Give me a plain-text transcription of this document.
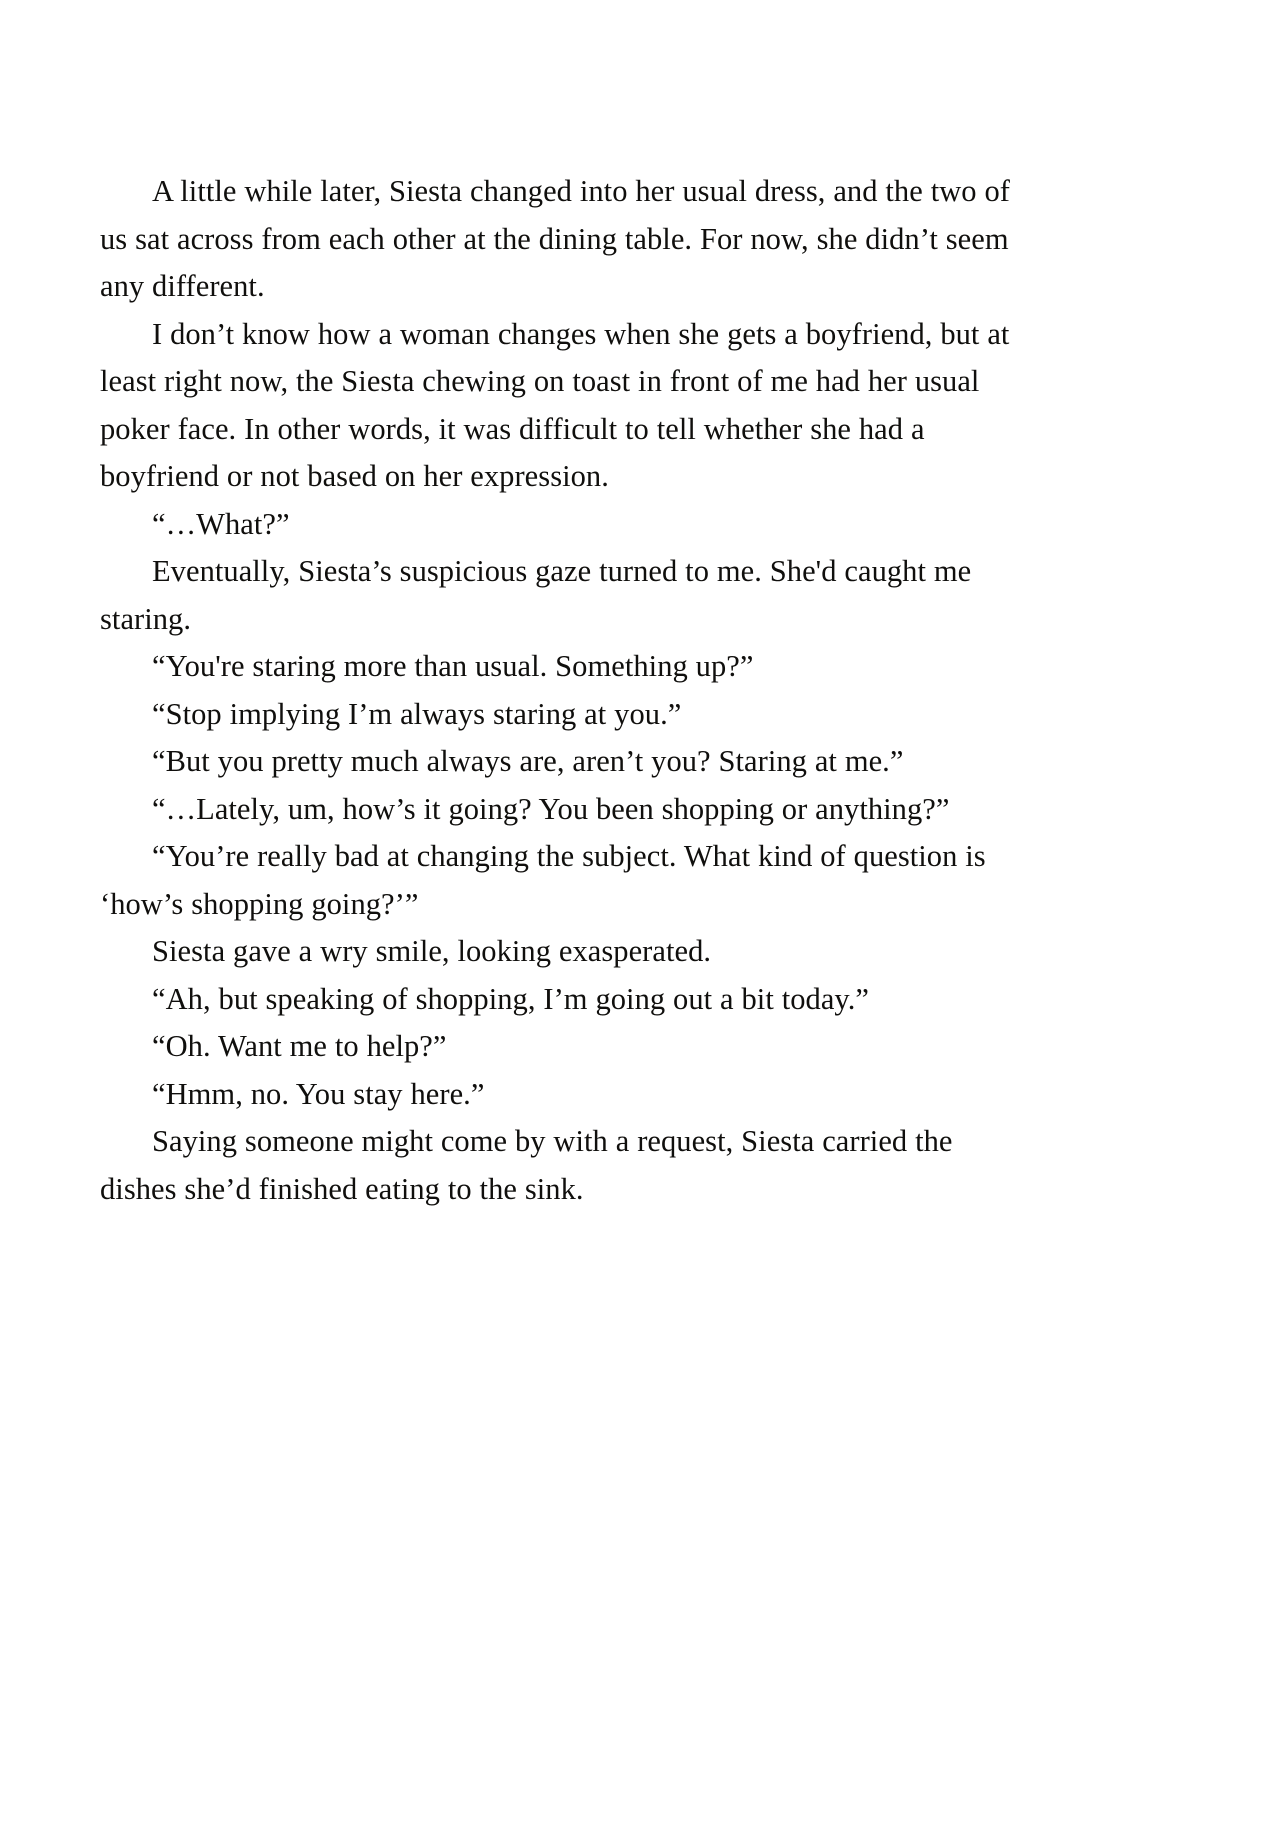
A little while later, Siesta changed into her usual dress, and the two of us sat across from each other at the dining table. For now, she didn’t seem any different.

I don’t know how a woman changes when she gets a boyfriend, but at least right now, the Siesta chewing on toast in front of me had her usual poker face. In other words, it was difficult to tell whether she had a boyfriend or not based on her expression.

“…What?”

Eventually, Siesta’s suspicious gaze turned to me. She'd caught me staring.

“You're staring more than usual. Something up?”

“Stop implying I’m always staring at you.”

“But you pretty much always are, aren’t you? Staring at me.”

“…Lately, um, how’s it going? You been shopping or anything?”

“You’re really bad at changing the subject. What kind of question is ‘how’s shopping going?’”

Siesta gave a wry smile, looking exasperated.

“Ah, but speaking of shopping, I’m going out a bit today.”

“Oh. Want me to help?”

“Hmm, no. You stay here.”

Saying someone might come by with a request, Siesta carried the dishes she’d finished eating to the sink.
